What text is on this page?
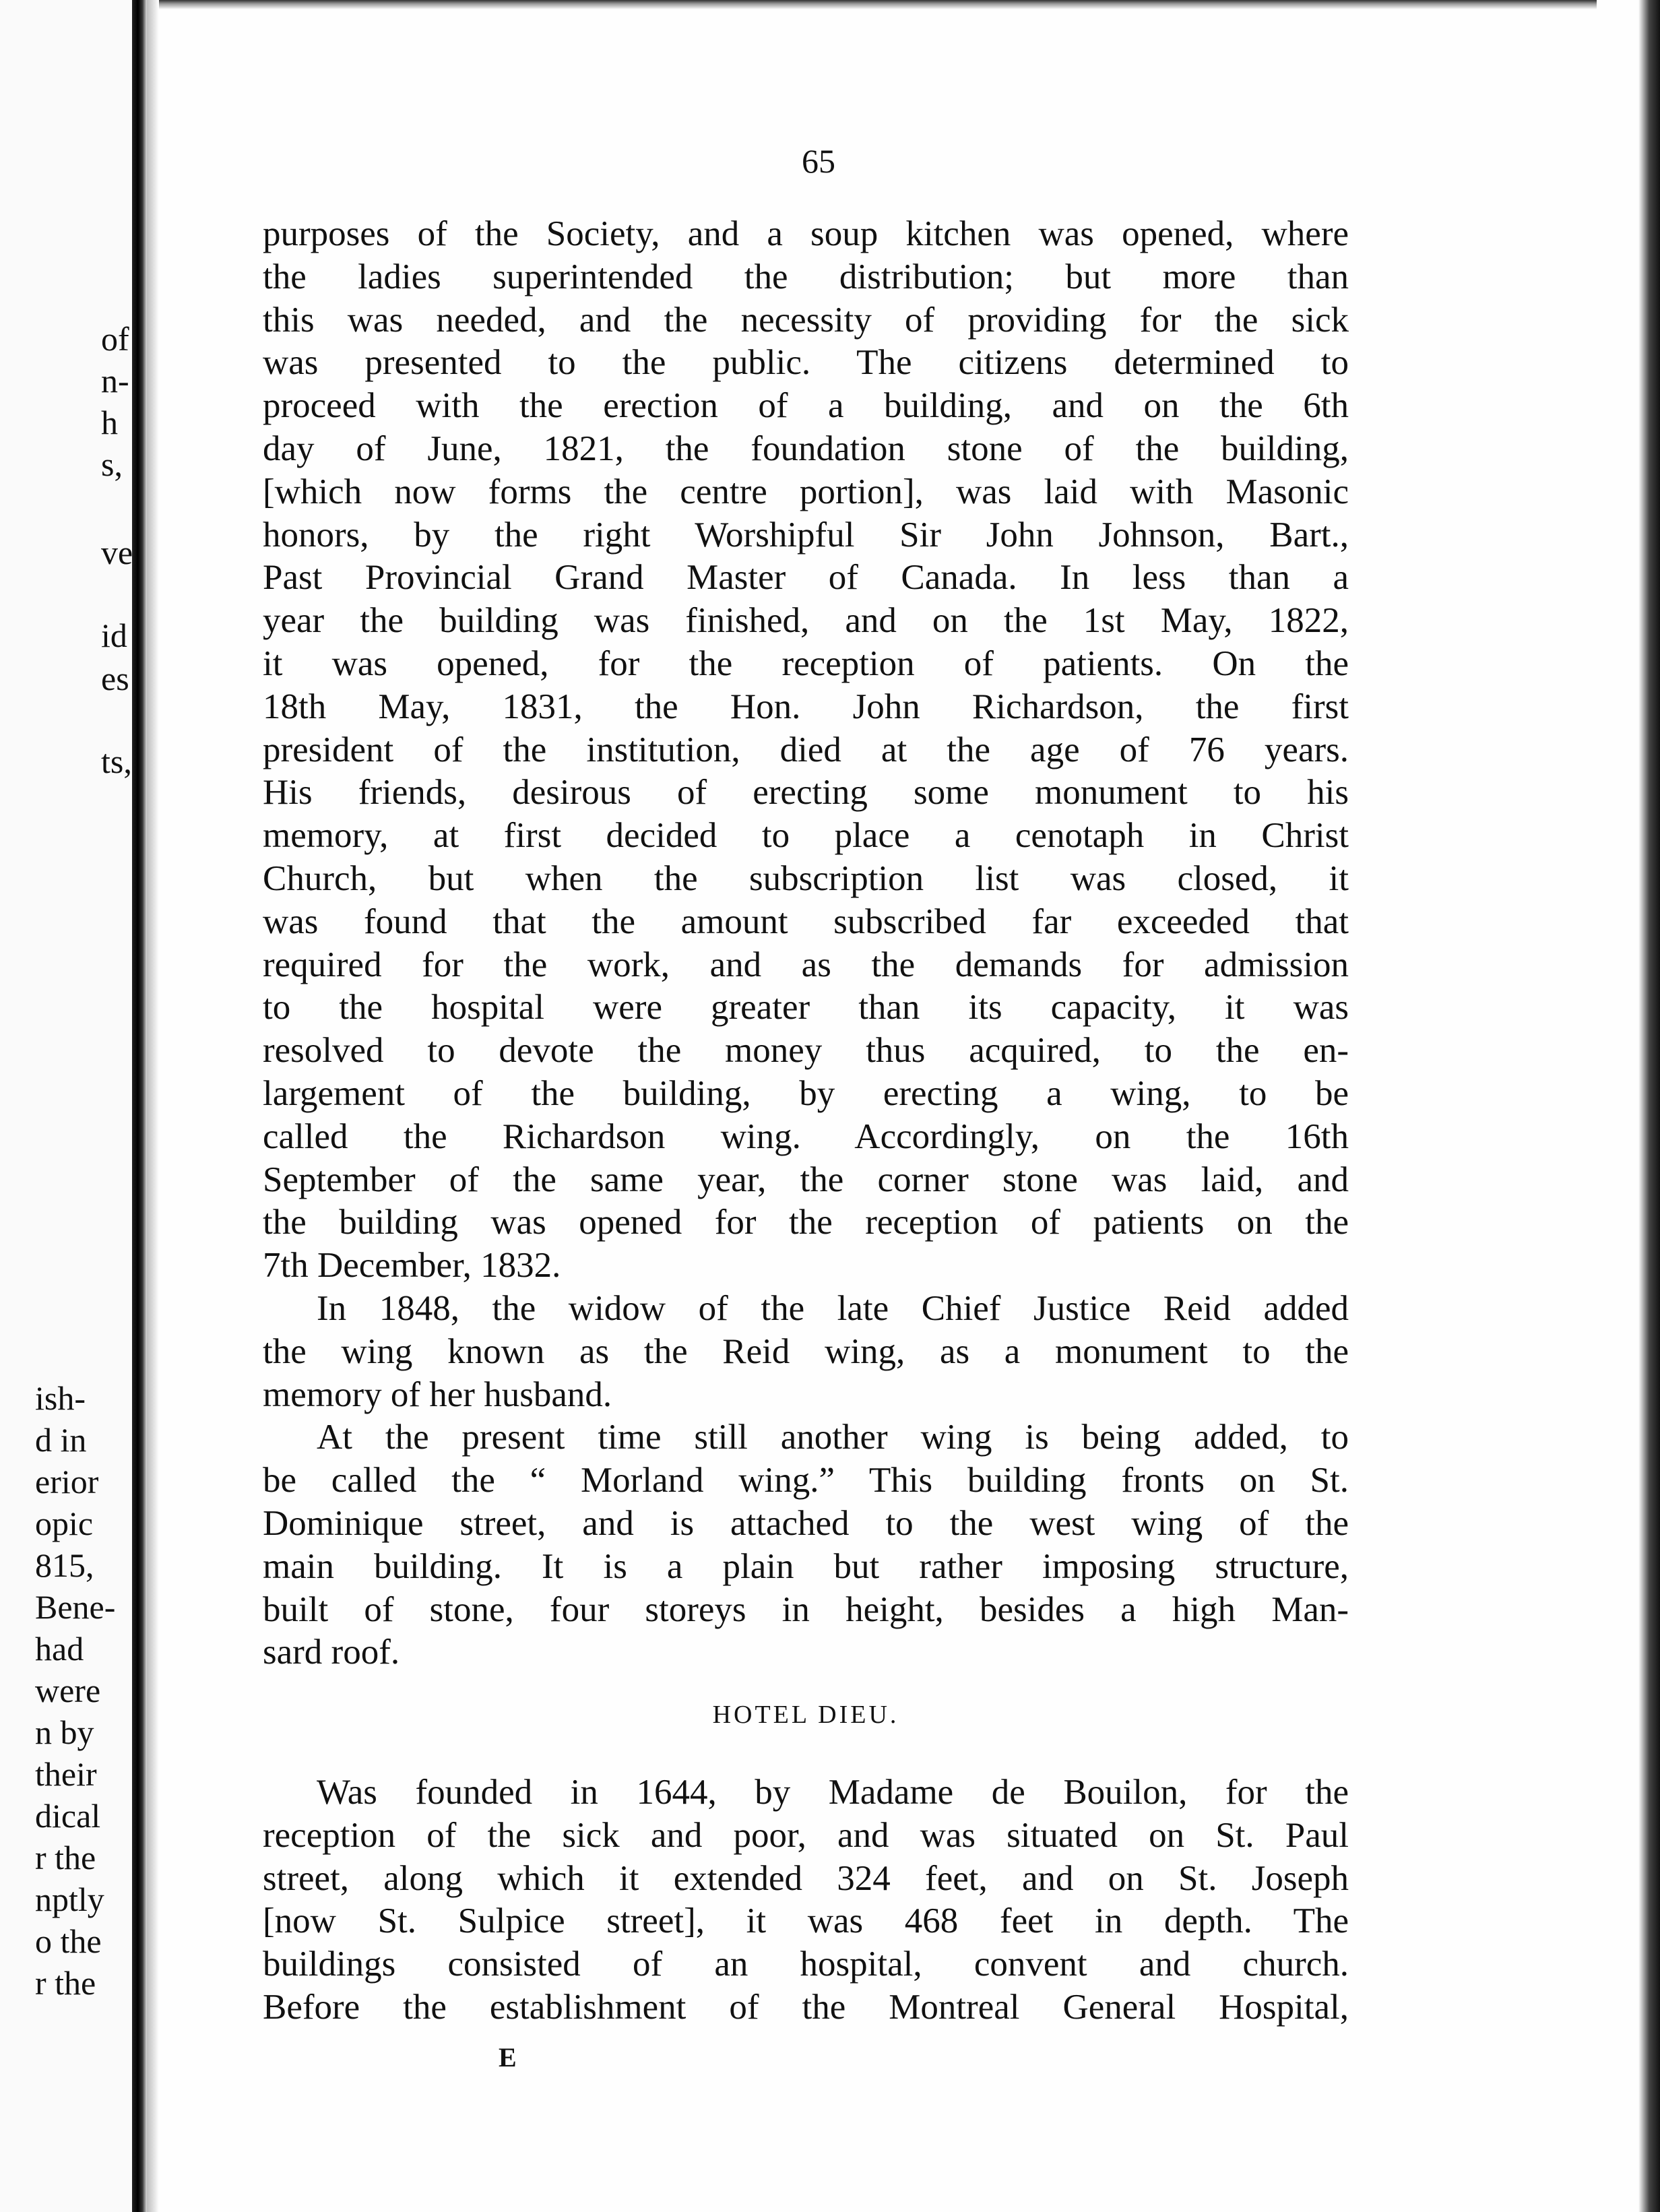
of
n-
h
s,
ve
id
es
ts,
ish-
d in
erior
opic
815,
Bene-
had
were
n by
their
dical
r the
nptly
o the
r the
65
purposes of the Society, and a soup kitchen was opened, where
the ladies superintended the distribution; but more than
this was needed, and the necessity of providing for the sick
was presented to the public. The citizens determined to
proceed with the erection of a building, and on the 6th
day of June, 1821, the foundation stone of the building,
[which now forms the centre portion], was laid with Masonic
honors, by the right Worshipful Sir John Johnson, Bart.,
Past Provincial Grand Master of Canada. In less than a
year the building was finished, and on the 1st May, 1822,
it was opened, for the reception of patients. On the
18th May, 1831, the Hon. John Richardson, the first
president of the institution, died at the age of 76 years.
His friends, desirous of erecting some monument to his
memory, at first decided to place a cenotaph in Christ
Church, but when the subscription list was closed, it
was found that the amount subscribed far exceeded that
required for the work, and as the demands for admission
to the hospital were greater than its capacity, it was
resolved to devote the money thus acquired, to the en-
largement of the building, by erecting a wing, to be
called the Richardson wing. Accordingly, on the 16th
September of the same year, the corner stone was laid, and
the building was opened for the reception of patients on the
7th December, 1832.
In 1848, the widow of the late Chief Justice Reid added
the wing known as the Reid wing, as a monument to the
memory of her husband.
At the present time still another wing is being added, to
be called the “ Morland wing.” This building fronts on St.
Dominique street, and is attached to the west wing of the
main building. It is a plain but rather imposing structure,
built of stone, four storeys in height, besides a high Man-
sard roof.
HOTEL DIEU.
Was founded in 1644, by Madame de Bouilon, for the
reception of the sick and poor, and was situated on St. Paul
street, along which it extended 324 feet, and on St. Joseph
[now St. Sulpice street], it was 468 feet in depth. The
buildings consisted of an hospital, convent and church.
Before the establishment of the Montreal General Hospital,
E
